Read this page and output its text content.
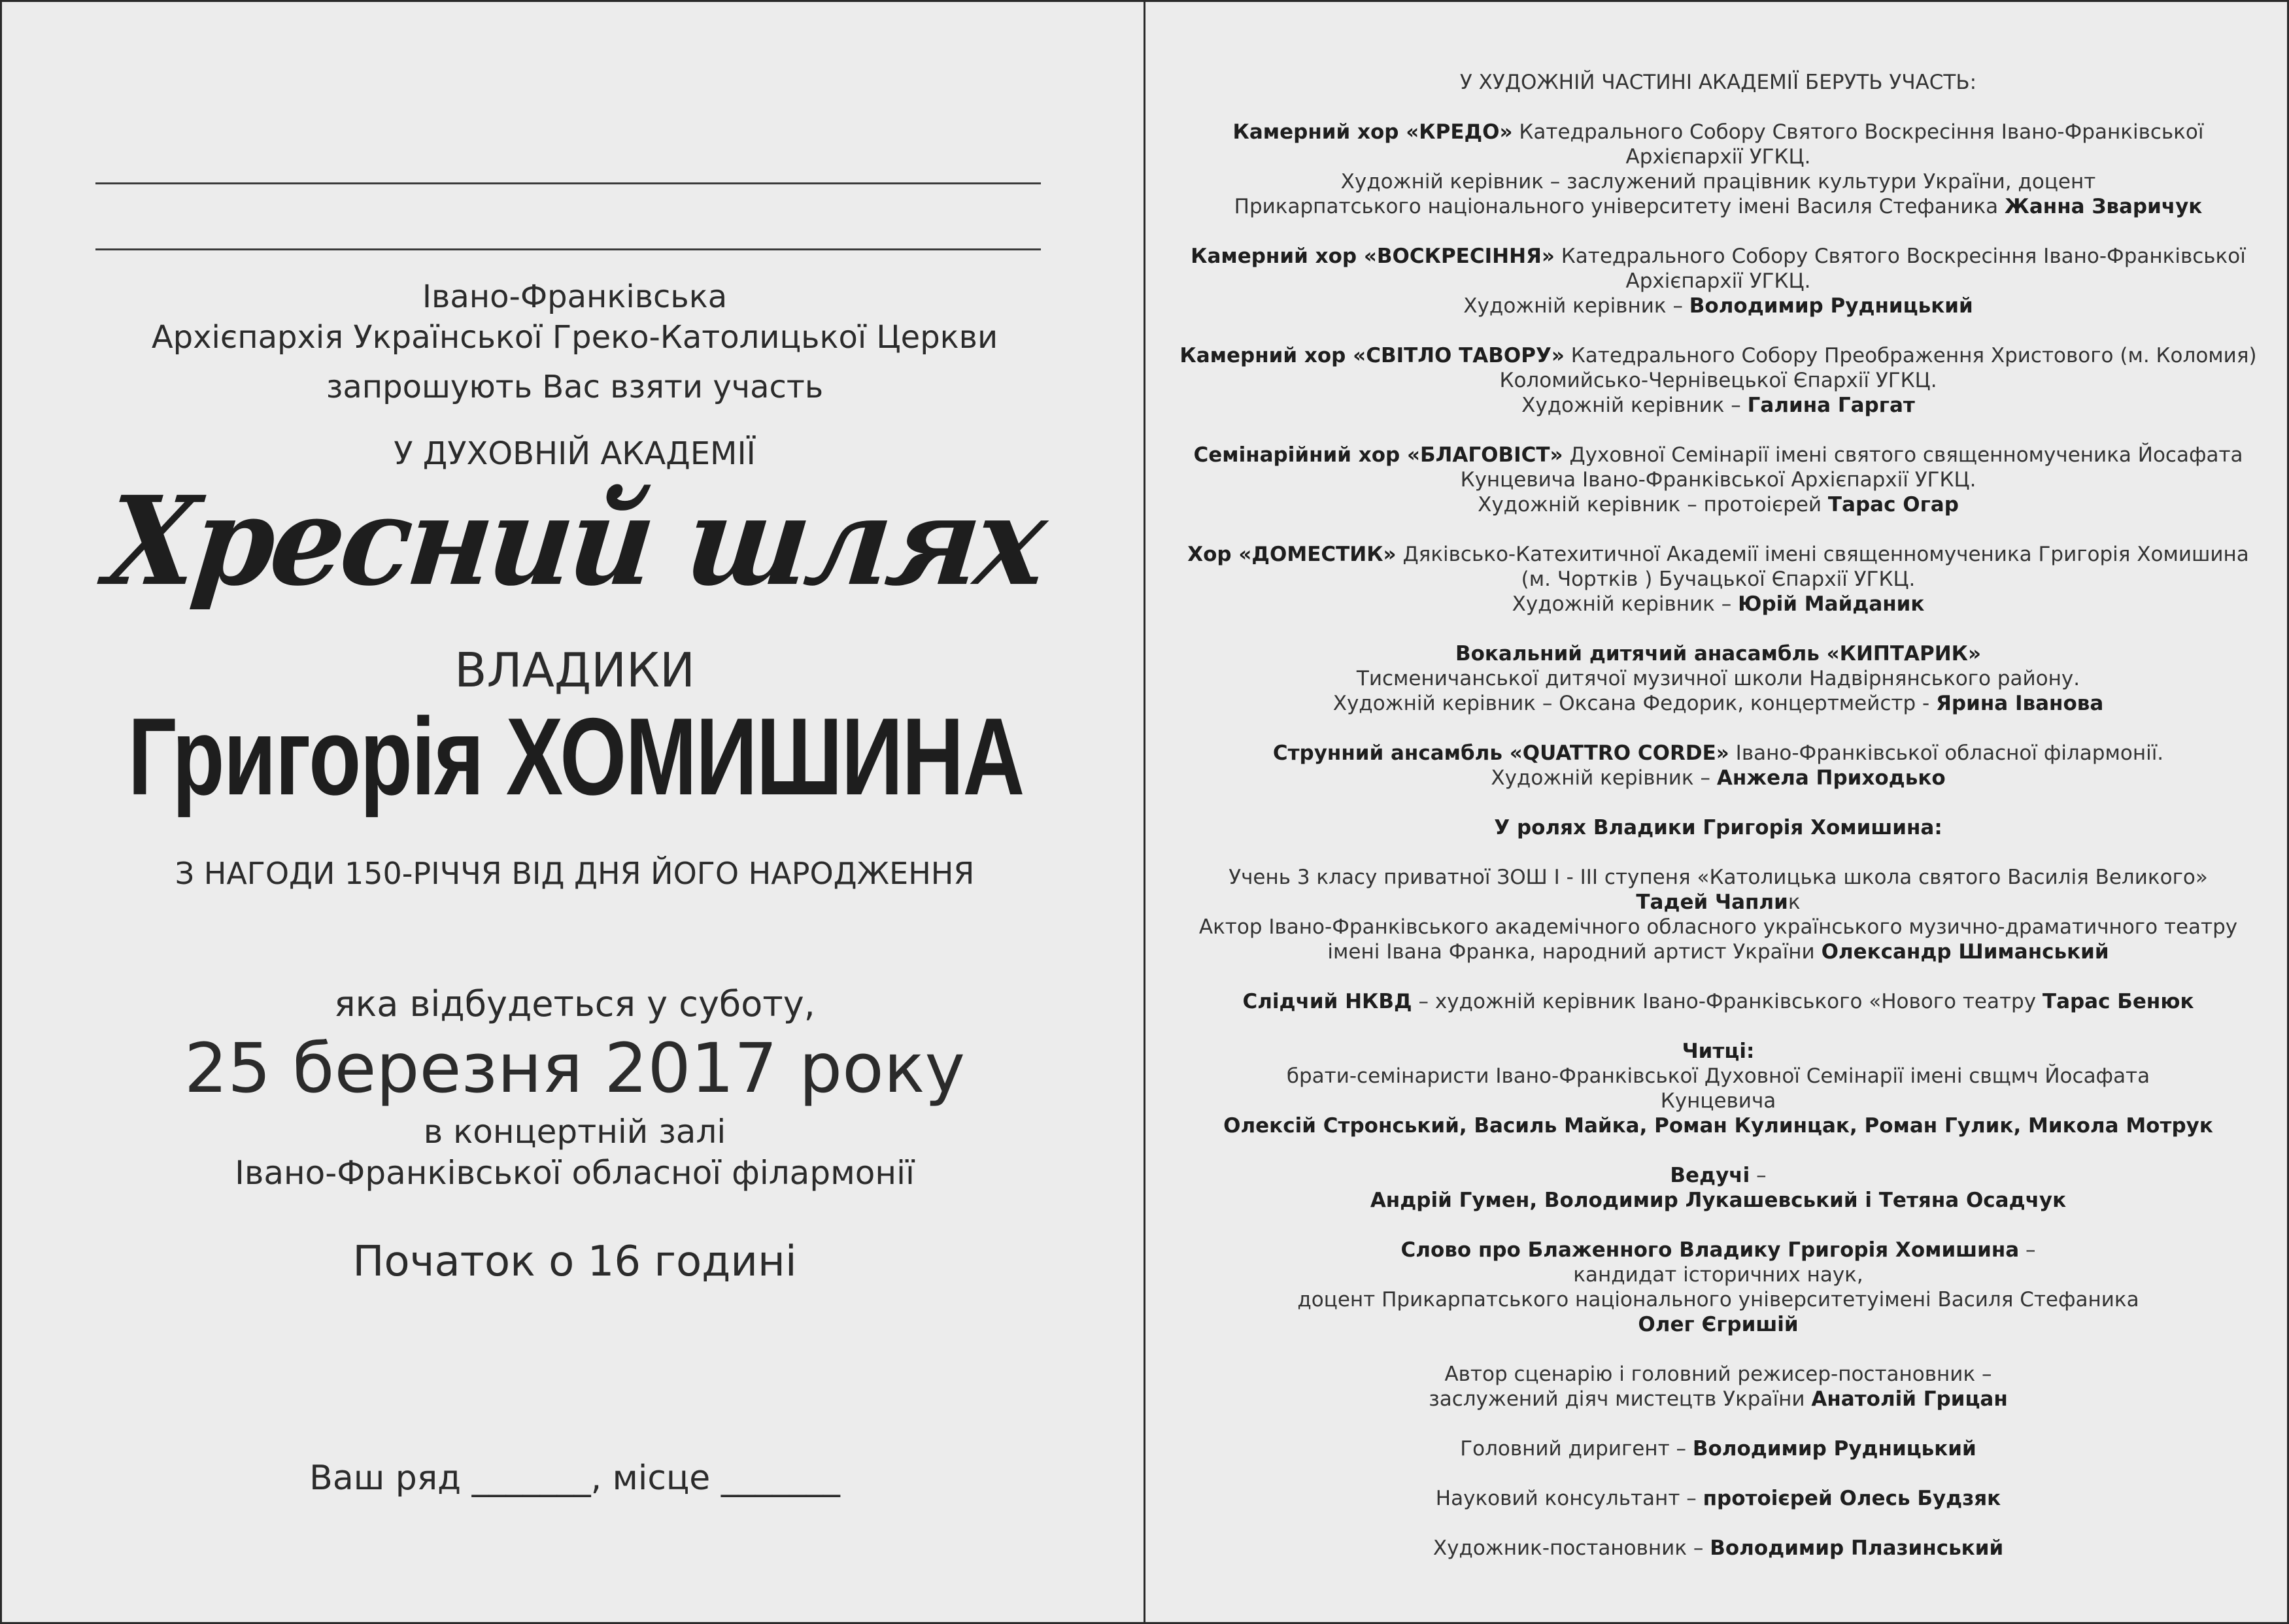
Івано-Франківська
Архієпархія Української Греко-Католицької Церкви
запрошують Вас взяти участь
У ДУХОВНІЙ АКАДЕМІЇ
Хресний шлях
ВЛАДИКИ
Григорія ХОМИШИНА
З НАГОДИ 150-РІЧЧЯ ВІД ДНЯ ЙОГО НАРОДЖЕННЯ
яка відбудеться у суботу,
25 березня 2017 року
в концертній залі
Івано-Франківської обласної філармонії
Початок о 16 годині
Ваш ряд _______, місце _______

У ХУДОЖНІЙ ЧАСТИНІ АКАДЕМІЇ БЕРУТЬ УЧАСТЬ:

Камерний хор «КРЕДО» Катедрального Собору Святого Воскресіння Івано-Франківської
Архієпархії УГКЦ.
Художній керівник – заслужений працівник культури України, доцент
Прикарпатського національного університету імені Василя Стефаника Жанна Зваричук

Камерний хор «ВОСКРЕСІННЯ» Катедрального Собору Святого Воскресіння Івано-Франківської
Архієпархії УГКЦ.
Художній керівник – Володимир Рудницький

Камерний хор «СВІТЛО ТАВОРУ» Катедрального Собору Преображення Христового (м. Коломия)
Коломийсько-Чернівецької Єпархії УГКЦ.
Художній керівник – Галина Гаргат

Семінарійний хор «БЛАГОВІСТ» Духовної Семінарії імені святого священномученика Йосафата
Кунцевича Івано-Франківської Архієпархії УГКЦ.
Художній керівник – протоієрей Тарас Огар

Хор «ДОМЕСТИК» Дяківсько-Катехитичної Академії імені священномученика Григорія Хомишина
(м. Чортків ) Бучацької Єпархії УГКЦ.
Художній керівник – Юрій Майданик

Вокальний дитячий анасамбль «КИПТАРИК»
Тисменичанської дитячої музичної школи Надвірнянського району.
Художній керівник – Оксана Федорик, концертмейстр - Ярина Іванова

Струнний ансамбль «QUATTRO CORDE» Івано-Франківської обласної філармонії.
Художній керівник – Анжела Приходько

У ролях Владики Григорія Хомишина:

Учень 3 класу приватної ЗОШ І - ІІІ ступеня «Католицька школа святого Василія Великого»
Тадей Чаплик
Актор Івано-Франківського академічного обласного українського музично-драматичного театру
імені Івана Франка, народний артист України Олександр Шиманський

Слідчий НКВД – художній керівник Івано-Франківського «Нового театру Тарас Бенюк

Читці:
брати-семінаристи Івано-Франківської Духовної Семінарії імені свщмч Йосафата
Кунцевича
Олексій Стронський, Василь Майка, Роман Кулинцак, Роман Гулик, Микола Мотрук

Ведучі –
Андрій Гумен, Володимир Лукашевський і Тетяна Осадчук

Слово про Блаженного Владику Григорія Хомишина –
кандидат історичних наук,
доцент Прикарпатського національного університетуімені Василя Стефаника
Олег Єгришій

Автор сценарію і головний режисер-постановник –
заслужений діяч мистецтв України Анатолій Грицан

Головний диригент – Володимир Рудницький

Науковий консультант – протоієрей Олесь Будзяк

Художник-постановник – Володимир Плазинський
